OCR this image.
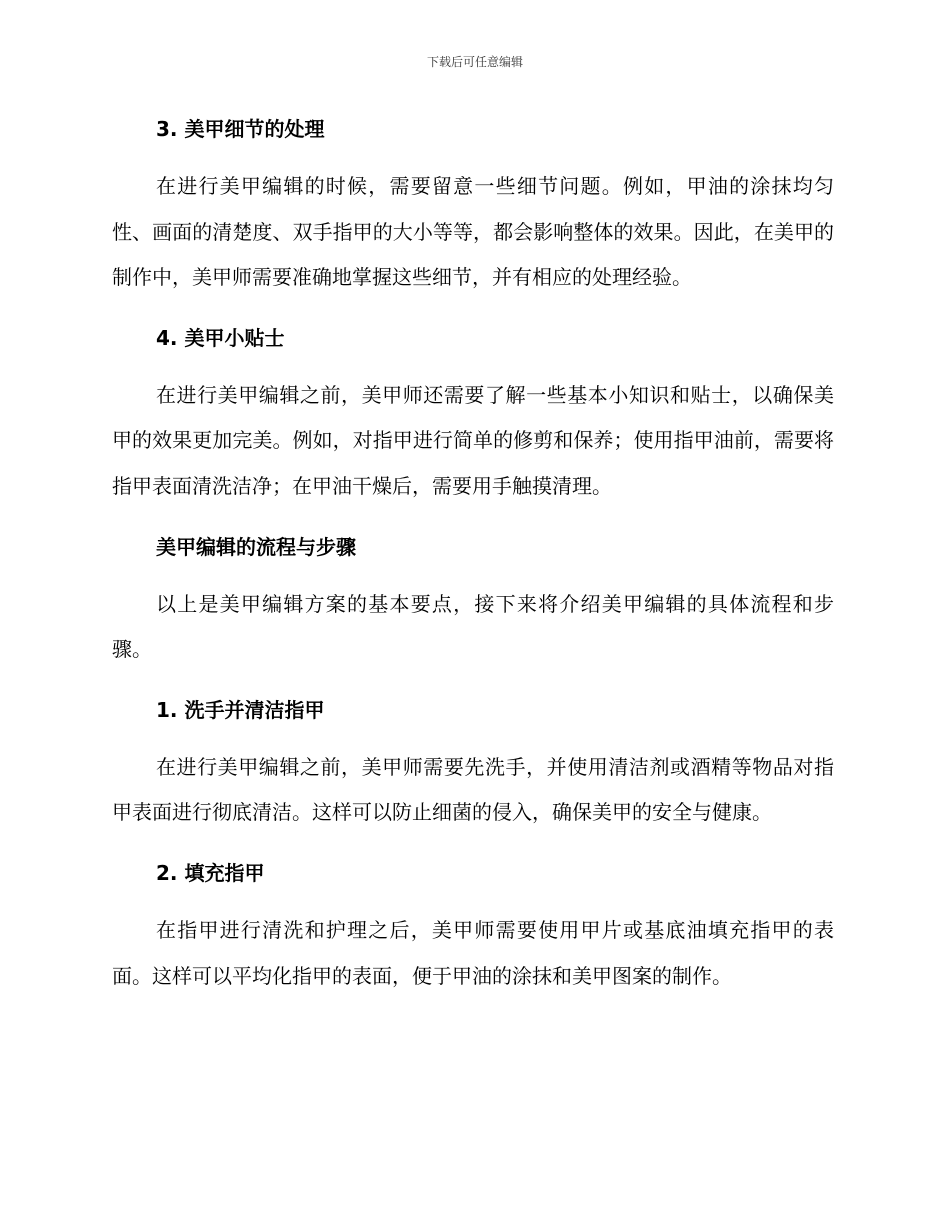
下载后可任意编辑
3. 美甲细节的处理

在进行美甲编辑的时候，需要留意一些细节问题。例如，甲油的涂抹均匀性、画面的清楚度、双手指甲的大小等等，都会影响整体的效果。因此，在美甲的制作中，美甲师需要准确地掌握这些细节，并有相应的处理经验。

4. 美甲小贴士

在进行美甲编辑之前，美甲师还需要了解一些基本小知识和贴士，以确保美甲的效果更加完美。例如，对指甲进行简单的修剪和保养；使用指甲油前，需要将指甲表面清洗洁净；在甲油干燥后，需要用手触摸清理。

美甲编辑的流程与步骤

以上是美甲编辑方案的基本要点，接下来将介绍美甲编辑的具体流程和步骤。

1. 洗手并清洁指甲

在进行美甲编辑之前，美甲师需要先洗手，并使用清洁剂或酒精等物品对指甲表面进行彻底清洁。这样可以防止细菌的侵入，确保美甲的安全与健康。

2. 填充指甲

在指甲进行清洗和护理之后，美甲师需要使用甲片或基底油填充指甲的表面。这样可以平均化指甲的表面，便于甲油的涂抹和美甲图案的制作。
